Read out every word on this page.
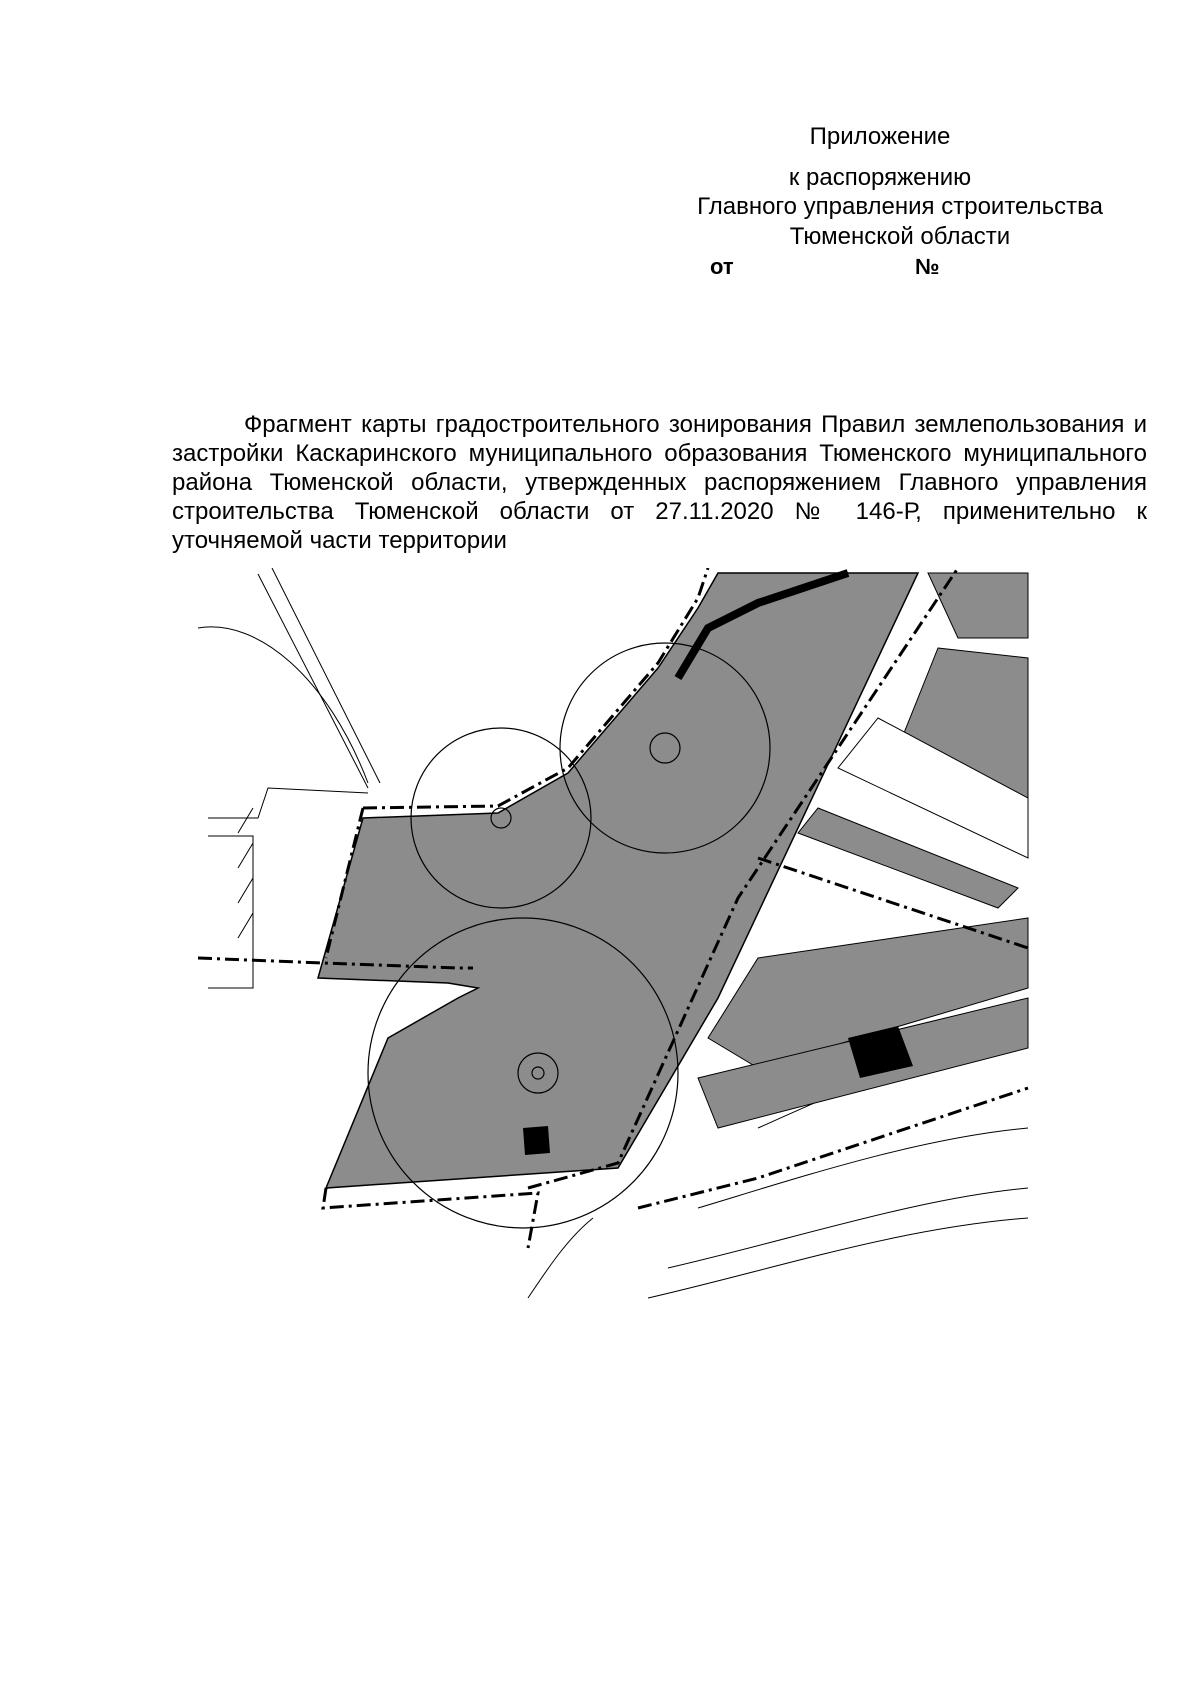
Приложение
к распоряжению
Главного управления строительства
Тюменской области
от	№
Фрагмент карты градостроительного зонирования Правил землепользования и застройки Каскаринского муниципального образования Тюменского муниципального района Тюменской области, утвержденных распоряжением Главного управления строительства Тюменской области от 27.11.2020 № 146-Р, применительно к уточняемой части территории
